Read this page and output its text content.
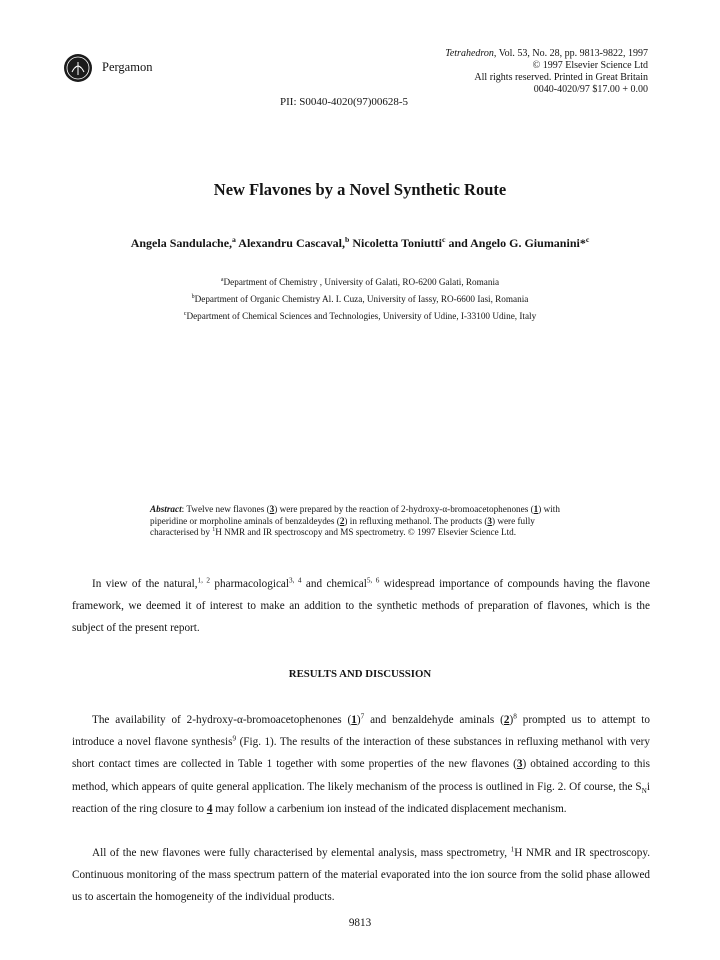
Pergamon
Tetrahedron, Vol. 53, No. 28, pp. 9813-9822, 1997
© 1997 Elsevier Science Ltd
All rights reserved. Printed in Great Britain
0040-4020/97 $17.00 + 0.00
PII: S0040-4020(97)00628-5
New Flavones by a Novel Synthetic Route
Angela Sandulache,$^a$ Alexandru Cascaval,$^b$ Nicoletta Toniutti$^c$ and Angelo G. Giumanini*$^c$
$^a$Department of Chemistry , University of Galati, RO-6200 Galati, Romania
$^b$Department of Organic Chemistry Al. I. Cuza, University of Iassy, RO-6600 Iasi, Romania
$^c$Department of Chemical Sciences and Technologies, University of Udine, I-33100 Udine, Italy
Abstract: Twelve new flavones (3) were prepared by the reaction of 2-hydroxy-α-bromoacetophenones (1) with piperidine or morpholine aminals of benzaldeydes (2) in refluxing methanol. The products (3) were fully characterised by $^1$H NMR and IR spectroscopy and MS spectrometry. © 1997 Elsevier Science Ltd.
In view of the natural,$^{1, 2}$ pharmacological$^{3, 4}$ and chemical$^{5, 6}$ widespread importance of compounds having the flavone framework, we deemed it of interest to make an addition to the synthetic methods of preparation of flavones, which is the subject of the present report.
RESULTS AND DISCUSSION
The availability of 2-hydroxy-α-bromoacetophenones $(1)^7$ and benzaldehyde aminals $(2)^8$ prompted us to attempt to introduce a novel flavone synthesis$^9$ (Fig. 1). The results of the interaction of these substances in refluxing methanol with very short contact times are collected in Table 1 together with some properties of the new flavones (3) obtained according to this method, which appears of quite general application. The likely mechanism of the process is outlined in Fig. 2. Of course, the $S_Ni$ reaction of the ring closure to 4 may follow a carbenium ion instead of the indicated displacement mechanism.
All of the new flavones were fully characterised by elemental analysis, mass spectrometry, $^1$H NMR and IR spectroscopy. Continuous monitoring of the mass spectrum pattern of the material evaporated into the ion source from the solid phase allowed us to ascertain the homogeneity of the individual products.
9813
